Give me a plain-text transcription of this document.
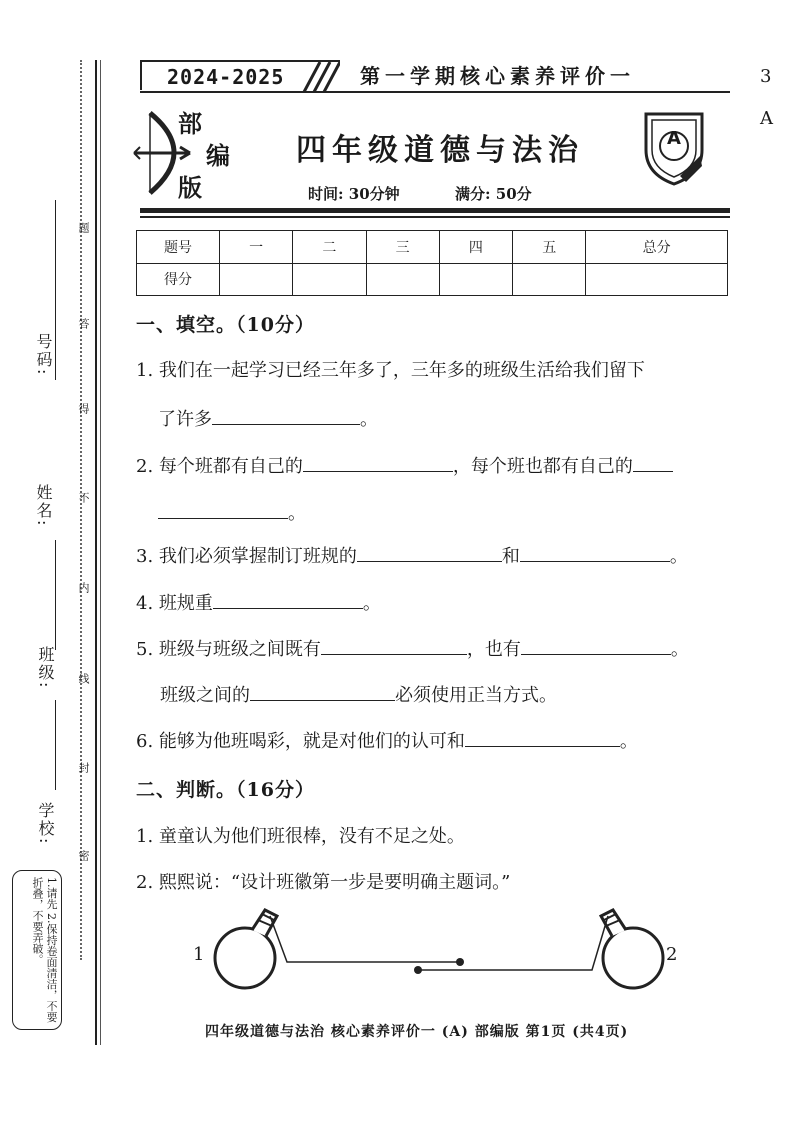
题
答
得
不
内
线
封
密
号码:
姓名:
班级:
学校:
1.请先 2.保持卷面清洁，不要折叠，不要弄破。
2024-2025	第一学期核心素养评价一
部
编
版
四年级道德与法治
时间: 30分钟	满分: 50分
A
3
A
题号	一	二	三	四	五	总分
得分						
一、填空。（10分）
1. 我们在一起学习已经三年多了，三年多的班级生活给我们留下
了许多	。
2. 每个班都有自己的	，每个班也都有自己的
。
3. 我们必须掌握制订班规的	和	。
4. 班规重	。
5. 班级与班级之间既有	，也有	。
班级之间的	必须使用正当方式。
6. 能够为他班喝彩，就是对他们的认可和	。
二、判断。（16分）
1. 童童认为他们班很棒，没有不足之处。
2. 熙熙说：“设计班徽第一步是要明确主题词。”
1	2
四年级道德与法治 核心素养评价一 (A) 部编版 第1页 (共4页)
